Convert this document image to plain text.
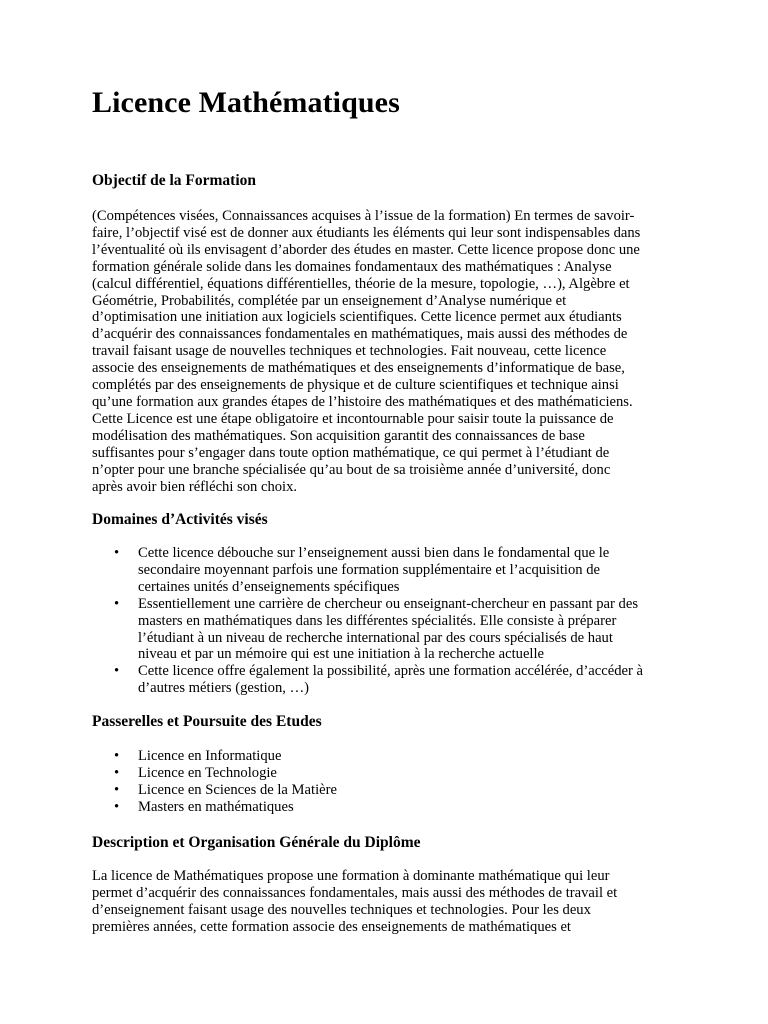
Licence Mathématiques
Objectif de la Formation

(Compétences visées, Connaissances acquises à l’issue de la formation) En termes de savoir-
faire, l’objectif visé est de donner aux étudiants les éléments qui leur sont indispensables dans
l’éventualité où ils envisagent d’aborder des études en master. Cette licence propose donc une
formation générale solide dans les domaines fondamentaux des mathématiques : Analyse
(calcul différentiel, équations différentielles, théorie de la mesure, topologie, …), Algèbre et
Géométrie, Probabilités, complétée par un enseignement d’Analyse numérique et
d’optimisation une initiation aux logiciels scientifiques. Cette licence permet aux étudiants
d’acquérir des connaissances fondamentales en mathématiques, mais aussi des méthodes de
travail faisant usage de nouvelles techniques et technologies. Fait nouveau, cette licence
associe des enseignements de mathématiques et des enseignements d’informatique de base,
complétés par des enseignements de physique et de culture scientifiques et technique ainsi
qu’une formation aux grandes étapes de l’histoire des mathématiques et des mathématiciens.
Cette Licence est une étape obligatoire et incontournable pour saisir toute la puissance de
modélisation des mathématiques. Son acquisition garantit des connaissances de base
suffisantes pour s’engager dans toute option mathématique, ce qui permet à l’étudiant de
n’opter pour une branche spécialisée qu’au bout de sa troisième année d’université, donc
après avoir bien réfléchi son choix.

Domaines d’Activités visés
• Cette licence débouche sur l’enseignement aussi bien dans le fondamental que le
secondaire moyennant parfois une formation supplémentaire et l’acquisition de
certaines unités d’enseignements spécifiques
• Essentiellement une carrière de chercheur ou enseignant-chercheur en passant par des
masters en mathématiques dans les différentes spécialités. Elle consiste à préparer
l’étudiant à un niveau de recherche international par des cours spécialisés de haut
niveau et par un mémoire qui est une initiation à la recherche actuelle
• Cette licence offre également la possibilité, après une formation accélérée, d’accéder à
d’autres métiers (gestion, …)
Passerelles et Poursuite des Etudes
• Licence en Informatique
• Licence en Technologie
• Licence en Sciences de la Matière
• Masters en mathématiques
Description et Organisation Générale du Diplôme

La licence de Mathématiques propose une formation à dominante mathématique qui leur
permet d’acquérir des connaissances fondamentales, mais aussi des méthodes de travail et
d’enseignement faisant usage des nouvelles techniques et technologies. Pour les deux
premières années, cette formation associe des enseignements de mathématiques et
